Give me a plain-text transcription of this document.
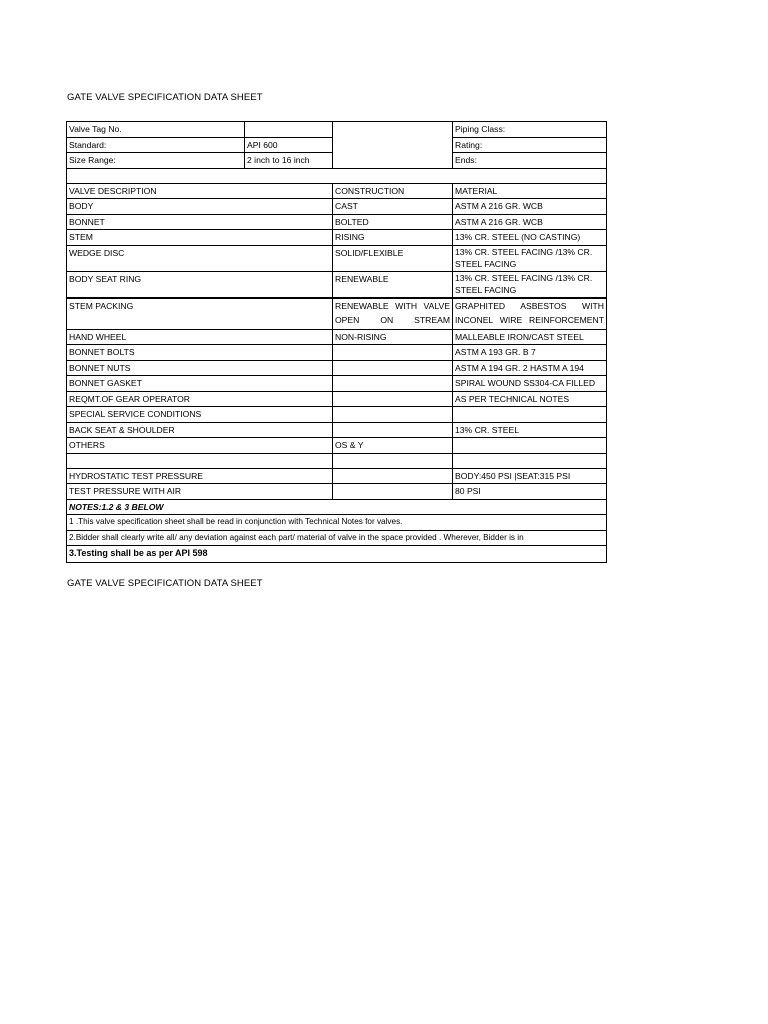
GATE VALVE SPECIFICATION DATA SHEET
Valve Tag No.			Piping Class:
Standard:	API 600		Rating:
Size Range:	2 inch to 16 inch		Ends:

VALVE DESCRIPTION		CONSTRUCTION	MATERIAL
BODY		CAST	ASTM A 216 GR. WCB
BONNET		BOLTED	ASTM A 216 GR. WCB
STEM		RISING	13% CR. STEEL (NO CASTING)
WEDGE DISC		SOLID/FLEXIBLE	13% CR. STEEL FACING /13% CR. STEEL FACING
BODY SEAT RING		RENEWABLE	13% CR. STEEL FACING /13% CR. STEEL FACING
STEM PACKING		RENEWABLE WITH VALVE OPEN ON STREAM	GRAPHITED ASBESTOS WITH INCONEL WIRE REINFORCEMENT
HAND WHEEL		NON-RISING	MALLEABLE IRON/CAST STEEL
BONNET BOLTS			ASTM A 193 GR. B 7
BONNET NUTS			ASTM A 194 GR. 2 HASTM A 194
BONNET GASKET			SPIRAL WOUND SS304-CA FILLED
REQMT.OF GEAR OPERATOR			AS PER TECHNICAL NOTES
SPECIAL SERVICE CONDITIONS			
BACK SEAT & SHOULDER			13% CR. STEEL
OTHERS		OS & Y	

HYDROSTATIC TEST PRESSURE			BODY:450 PSI |SEAT:315 PSI
TEST PRESSURE WITH AIR			80 PSI
NOTES:1.2 & 3 BELOW			
1 .This valve specification sheet shall be read in conjunction with Technical Notes for valves.			
2.Bidder shall clearly write all/ any deviation against each part/ material of valve in the space provided . Wherever, Bidder is in			
3.Testing shall be as per API 598			
GATE VALVE SPECIFICATION DATA SHEET
